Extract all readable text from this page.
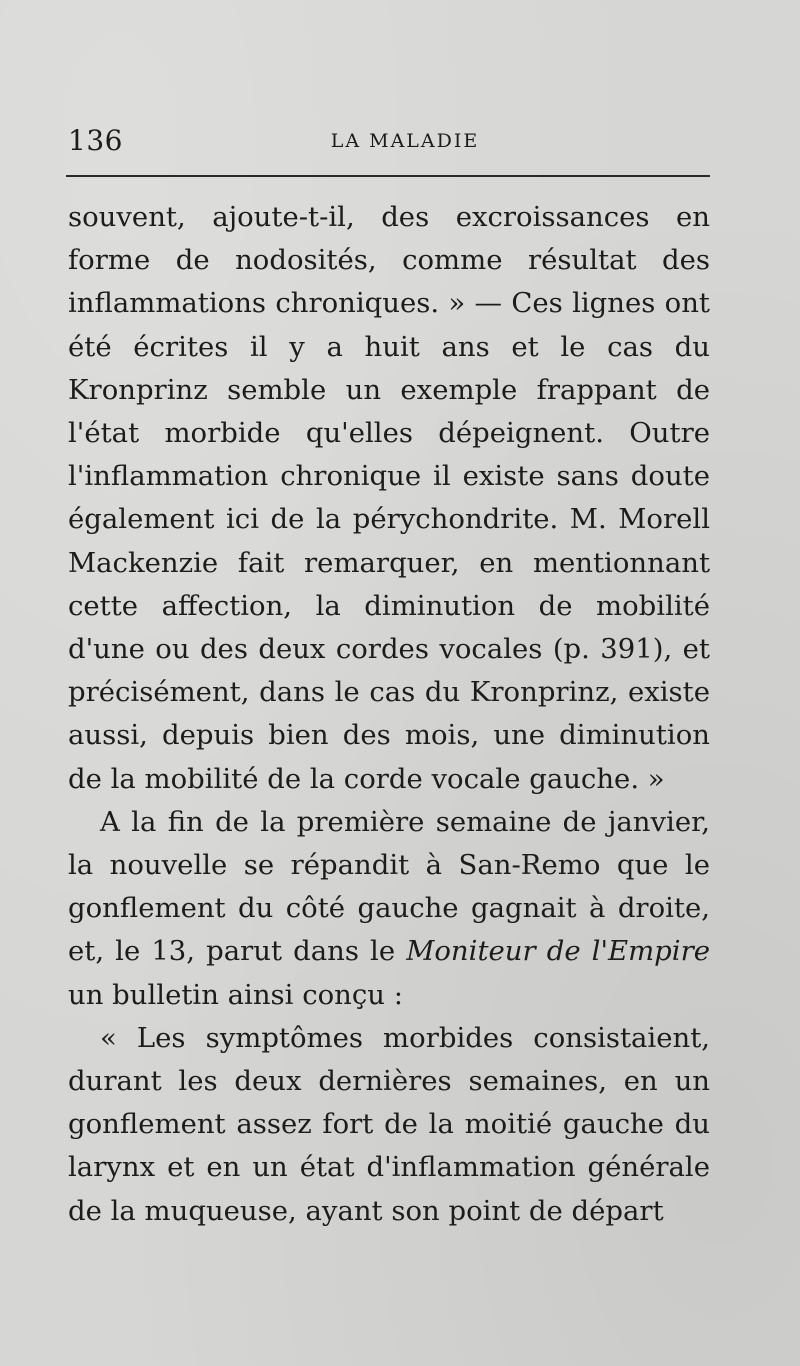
136	LA MALADIE

souvent, ajoute-t-il, des excroissances en forme de nodosités, comme résultat des inflammations chroniques. » — Ces lignes ont été écrites il y a huit ans et le cas du Kronprinz semble un exemple frappant de l'état morbide qu'elles dépeignent. Outre l'inflammation chronique il existe sans doute également ici de la pérychondrite. M. Morell Mackenzie fait remarquer, en mentionnant cette affection, la diminution de mobilité d'une ou des deux cordes vocales (p. 391), et précisément, dans le cas du Kronprinz, existe aussi, depuis bien des mois, une diminution de la mobilité de la corde vocale gauche. »

A la fin de la première semaine de janvier, la nouvelle se répandit à San-Remo que le gonflement du côté gauche gagnait à droite, et, le 13, parut dans le Moniteur de l'Empire un bulletin ainsi conçu :

« Les symptômes morbides consistaient, durant les deux dernières semaines, en un gonflement assez fort de la moitié gauche du larynx et en un état d'inflammation générale de la muqueuse, ayant son point de départ
